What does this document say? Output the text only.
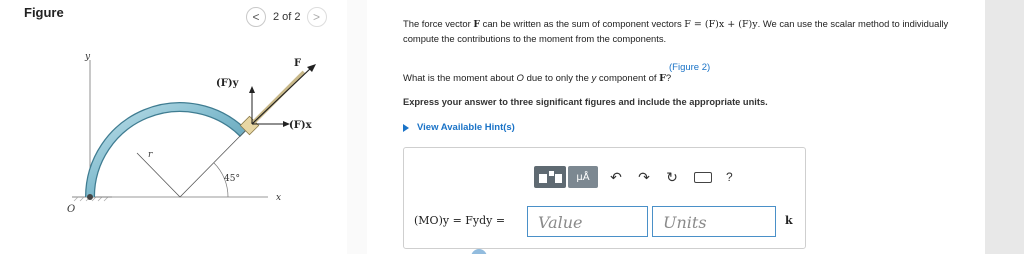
Figure	< 2 of 2 >
y
x
O
r
45°
F
(F)y
(F)x
The force vector F can be written as the sum of component vectors F = (F)x + (F)y. We can use the scalar method to individually compute the contributions to the moment from the components.
(Figure 2)
What is the moment about O due to only the y component of F?
Express your answer to three significant figures and include the appropriate units.
View Available Hint(s)
μÅ	↶ ↷ ↻	?
(MO)y = Fydy =	Value	Units	k
